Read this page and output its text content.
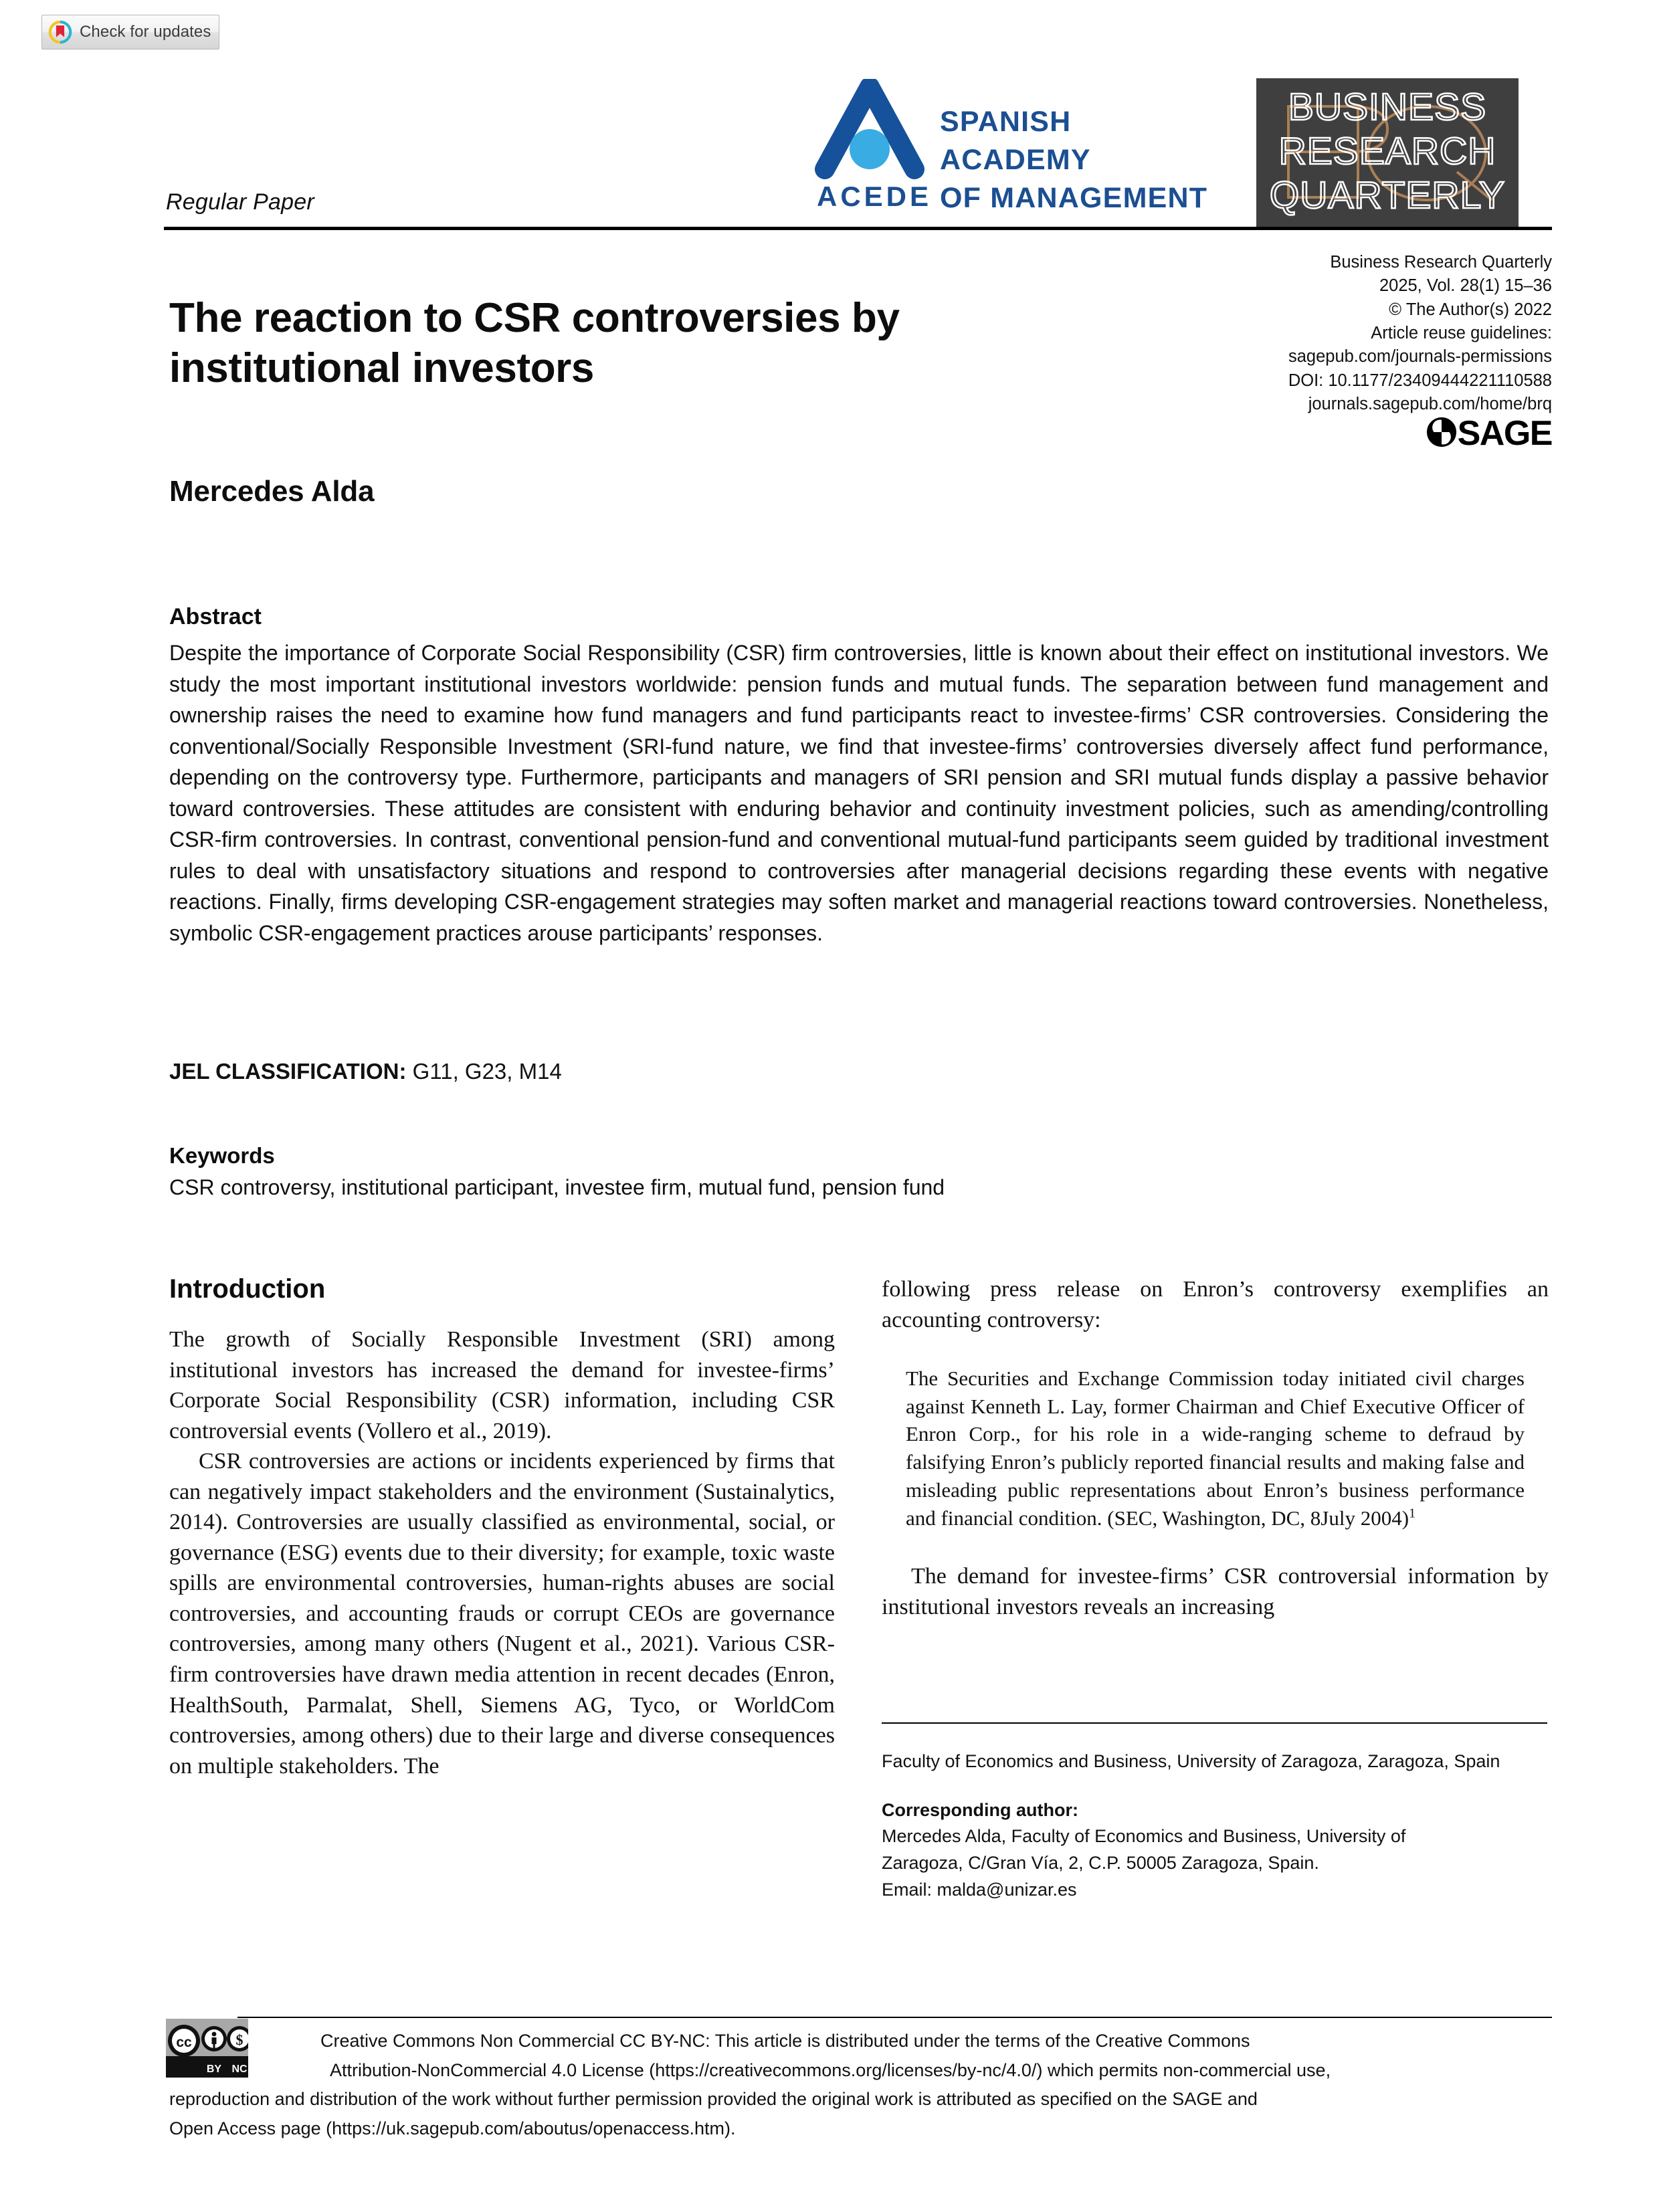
Check for updates
ACEDE
SPANISH ACADEMY
OF MANAGEMENT
BUSINESS
RESEARCH
QUARTERLY
Regular Paper
The reaction to CSR controversies by institutional investors
Mercedes Alda
Business Research Quarterly
2025, Vol. 28(1) 15–36
© The Author(s) 2022
Article reuse guidelines:
sagepub.com/journals-permissions
DOI: 10.1177/23409444221110588
journals.sagepub.com/home/brq
SAGE
Abstract
Despite the importance of Corporate Social Responsibility (CSR) firm controversies, little is known about their effect on institutional investors. We study the most important institutional investors worldwide: pension funds and mutual funds. The separation between fund management and ownership raises the need to examine how fund managers and fund participants react to investee-firms’ CSR controversies. Considering the conventional/Socially Responsible Investment (SRI-fund nature, we find that investee-firms’ controversies diversely affect fund performance, depending on the controversy type. Furthermore, participants and managers of SRI pension and SRI mutual funds display a passive behavior toward controversies. These attitudes are consistent with enduring behavior and continuity investment policies, such as amending/controlling CSR-firm controversies. In contrast, conventional pension-fund and conventional mutual-fund participants seem guided by traditional investment rules to deal with unsatisfactory situations and respond to controversies after managerial decisions regarding these events with negative reactions. Finally, firms developing CSR-engagement strategies may soften market and managerial reactions toward controversies. Nonetheless, symbolic CSR-engagement practices arouse participants’ responses.
JEL CLASSIFICATION: G11, G23, M14
Keywords
CSR controversy, institutional participant, investee firm, mutual fund, pension fund
Introduction

The growth of Socially Responsible Investment (SRI) among institutional investors has increased the demand for investee-firms’ Corporate Social Responsibility (CSR) information, including CSR controversial events (Vollero et al., 2019).

CSR controversies are actions or incidents experienced by firms that can negatively impact stakeholders and the environment (Sustainalytics, 2014). Controversies are usually classified as environmental, social, or governance (ESG) events due to their diversity; for example, toxic waste spills are environmental controversies, human-rights abuses are social controversies, and accounting frauds or corrupt CEOs are governance controversies, among many others (Nugent et al., 2021). Various CSR-firm controversies have drawn media attention in recent decades (Enron, HealthSouth, Parmalat, Shell, Siemens AG, Tyco, or WorldCom controversies, among others) due to their large and diverse consequences on multiple stakeholders. The

following press release on Enron’s controversy exemplifies an accounting controversy:

The Securities and Exchange Commission today initiated civil charges against Kenneth L. Lay, former Chairman and Chief Executive Officer of Enron Corp., for his role in a wide-ranging scheme to defraud by falsifying Enron’s publicly reported financial results and making false and misleading public representations about Enron’s business performance and financial condition. (SEC, Washington, DC, 8July 2004)$^1$

The demand for investee-firms’ CSR controversial information by institutional investors reveals an increasing

Faculty of Economics and Business, University of Zaragoza, Zaragoza, Spain
Corresponding author:
Mercedes Alda, Faculty of Economics and Business, University of
Zaragoza, C/Gran Vía, 2, C.P. 50005 Zaragoza, Spain.
Email: malda@unizar.es
cc	$
BY NC
Creative Commons Non Commercial CC BY-NC: This article is distributed under the terms of the Creative Commons
Attribution-NonCommercial 4.0 License (https://creativecommons.org/licenses/by-nc/4.0/) which permits non-commercial use,
reproduction and distribution of the work without further permission provided the original work is attributed as specified on the SAGE and
Open Access page (https://uk.sagepub.com/aboutus/openaccess.htm).
